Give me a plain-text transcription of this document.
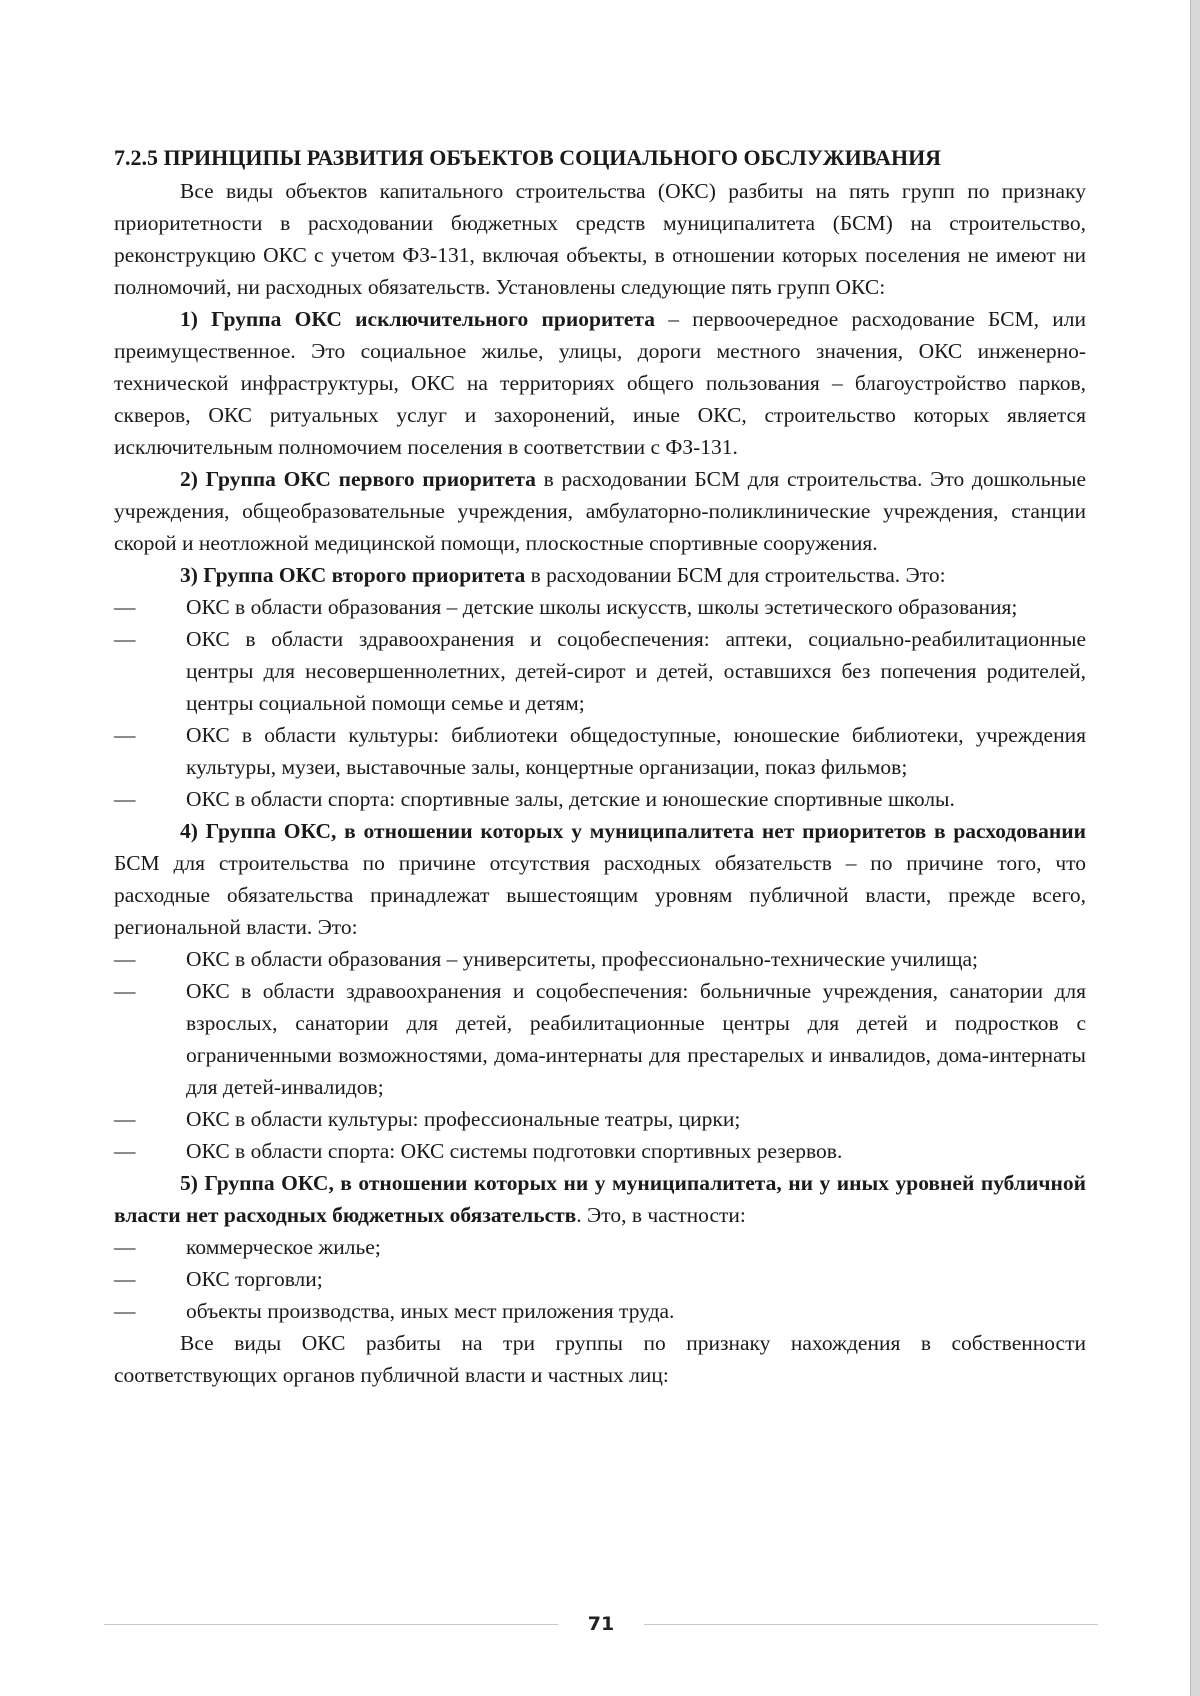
7.2.5 ПРИНЦИПЫ РАЗВИТИЯ ОБЪЕКТОВ СОЦИАЛЬНОГО ОБСЛУЖИВАНИЯ

Все виды объектов капитального строительства (ОКС) разбиты на пять групп по признаку приоритетности в расходовании бюджетных средств муниципалитета (БСМ) на строительство, реконструкцию ОКС с учетом ФЗ-131, включая объекты, в отношении которых поселения не имеют ни полномочий, ни расходных обязательств. Установлены следующие пять групп ОКС:

1) Группа ОКС исключительного приоритета – первоочередное расходование БСМ, или преимущественное. Это социальное жилье, улицы, дороги местного значения, ОКС инженерно-технической инфраструктуры, ОКС на территориях общего пользования – благоустройство парков, скверов, ОКС ритуальных услуг и захоронений, иные ОКС, строительство которых является исключительным полномочием поселения в соответствии с ФЗ-131.

2) Группа ОКС первого приоритета в расходовании БСМ для строительства. Это дошкольные учреждения, общеобразовательные учреждения, амбулаторно-поликлинические учреждения, станции скорой и неотложной медицинской помощи, плоскостные спортивные сооружения.

3) Группа ОКС второго приоритета в расходовании БСМ для строительства. Это:

—	ОКС в области образования – детские школы искусств, школы эстетического образования;
—	ОКС в области здравоохранения и соцобеспечения: аптеки, социально-реабилитационные центры для несовершеннолетних, детей-сирот и детей, оставшихся без попечения родителей, центры социальной помощи семье и детям;
—	ОКС в области культуры: библиотеки общедоступные, юношеские библиотеки, учреждения культуры, музеи, выставочные залы, концертные организации, показ фильмов;
—	ОКС в области спорта: спортивные залы, детские и юношеские спортивные школы.

4) Группа ОКС, в отношении которых у муниципалитета нет приоритетов в расходовании БСМ для строительства по причине отсутствия расходных обязательств – по причине того, что расходные обязательства принадлежат вышестоящим уровням публичной власти, прежде всего, региональной власти. Это:

—	ОКС в области образования – университеты, профессионально-технические училища;
—	ОКС в области здравоохранения и соцобеспечения: больничные учреждения, санатории для взрослых, санатории для детей, реабилитационные центры для детей и подростков с ограниченными возможностями, дома-интернаты для престарелых и инвалидов, дома-интернаты для детей-инвалидов;
—	ОКС в области культуры: профессиональные театры, цирки;
—	ОКС в области спорта: ОКС системы подготовки спортивных резервов.

5) Группа ОКС, в отношении которых ни у муниципалитета, ни у иных уровней публичной власти нет расходных бюджетных обязательств. Это, в частности:

—	коммерческое жилье;
—	ОКС торговли;
—	объекты производства, иных мест приложения труда.

Все виды ОКС разбиты на три группы по признаку нахождения в собственности соответствующих органов публичной власти и частных лиц:

71
